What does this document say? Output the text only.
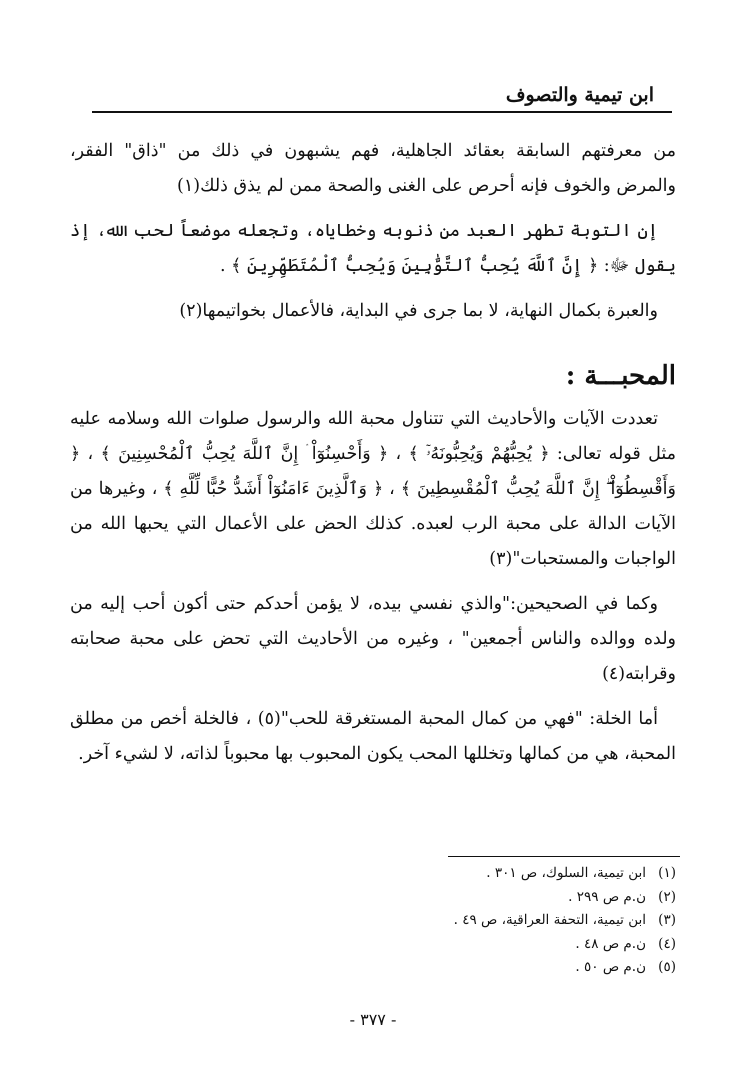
ابن تيمية والتصوف

من معرفتهم السابقة بعقائد الجاهلية، فهم يشبهون في ذلك من "ذاق" الفقر، والمرض والخوف فإنه أحرص على الغنى والصحة ممن لم يذق ذلك(١)

إن التوبة تطهر العبد من ذنوبه وخطاياه، وتجعله موضعاً لحب الله، إذ يقول ﷻ: ﴿ إِنَّ ٱللَّهَ يُحِبُّ ٱلتَّوَّٰبِينَ وَيُحِبُّ ٱلْمُتَطَهِّرِينَ ﴾ .

والعبرة بكمال النهاية، لا بما جرى في البداية، فالأعمال بخواتيمها(٢)

المحبـــة :

تعددت الآيات والأحاديث التي تتناول محبة الله والرسول صلوات الله وسلامه عليه مثل قوله تعالى: ﴿ يُحِبُّهُمْ وَيُحِبُّونَهُۥٓ ﴾ ، ﴿ وَأَحْسِنُوٓاْ ۛ إِنَّ ٱللَّهَ يُحِبُّ ٱلْمُحْسِنِينَ ﴾ ، ﴿ وَأَقْسِطُوٓاْ ۖ إِنَّ ٱللَّهَ يُحِبُّ ٱلْمُقْسِطِينَ ﴾ ، ﴿ وَٱلَّذِينَ ءَامَنُوٓاْ أَشَدُّ حُبًّا لِّلَّهِ ﴾ ، وغيرها من الآيات الدالة على محبة الرب لعبده. كذلك الحض على الأعمال التي يحبها الله من الواجبات والمستحبات"(٣)

وكما في الصحيحين:"والذي نفسي بيده، لا يؤمن أحدكم حتى أكون أحب إليه من ولده ووالده والناس أجمعين" ، وغيره من الأحاديث التي تحض على محبة صحابته وقرابته(٤)

أما الخلة: "فهي من كمال المحبة المستغرقة للحب"(٥) ، فالخلة أخص من مطلق المحبة، هي من كمالها وتخللها المحب يكون المحبوب بها محبوباً لذاته، لا لشيء آخر.

(١)ابن تيمية، السلوك، ص ٣٠١ .
(٢)ن.م ص ٢٩٩ .
(٣)ابن تيمية، التحفة العراقية، ص ٤٩ .
(٤)ن.م ص ٤٨ .
(٥)ن.م ص ٥٠ .
- ٣٧٧ -
